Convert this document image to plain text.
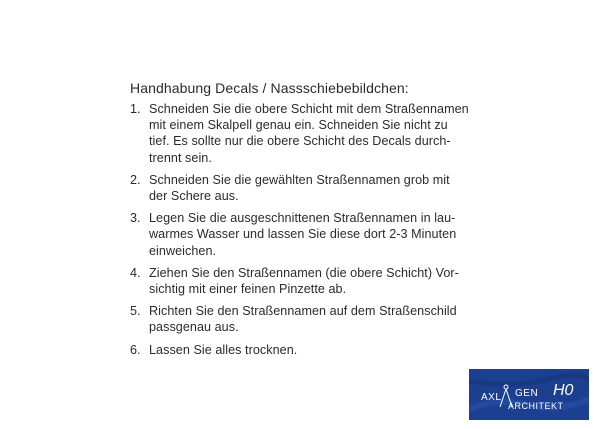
Handhabung Decals / Nassschiebebildchen:
1. Schneiden Sie die obere Schicht mit dem Straßennamen
mit einem Skalpell genau ein. Schneiden Sie nicht zu
tief. Es sollte nur die obere Schicht des Decals durch-
trennt sein.
2. Schneiden Sie die gewählten Straßennamen grob mit
der Schere aus.
3. Legen Sie die ausgeschnittenen Straßennamen in lau-
warmes Wasser und lassen Sie diese dort 2-3 Minuten
einweichen.
4. Ziehen Sie den Straßennamen (die obere Schicht) Vor-
sichtig mit einer feinen Pinzette ab.
5. Richten Sie den Straßennamen auf dem Straßenschild
passgenau aus.
6. Lassen Sie alles trocknen.
AXL GEN
ARCHITEKT
H0
